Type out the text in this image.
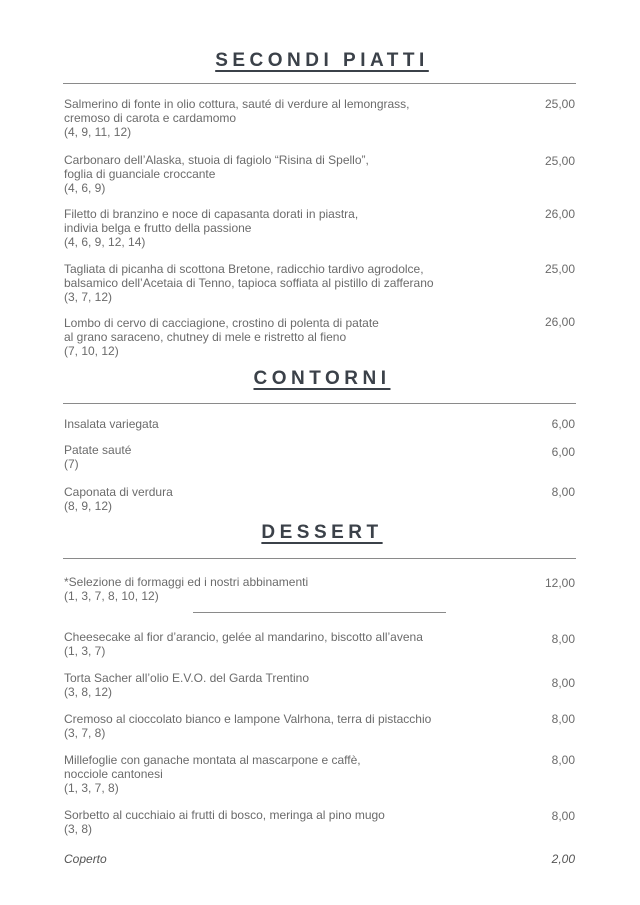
SECONDI PIATTI
CONTORNI
DESSERT
Salmerino di fonte in olio cottura, sauté di verdure al lemongrass,
cremoso di carota e cardamomo
(4, 9, 11, 12)
25,00
Carbonaro dell’Alaska, stuoia di fagiolo “Risina di Spello”,
foglia di guanciale croccante
(4, 6, 9)
25,00
Filetto di branzino e noce di capasanta dorati in piastra,
indivia belga e frutto della passione
(4, 6, 9, 12, 14)
26,00
Tagliata di picanha di scottona Bretone, radicchio tardivo agrodolce,
balsamico dell’Acetaia di Tenno, tapioca soffiata al pistillo di zafferano
(3, 7, 12)
25,00
Lombo di cervo di cacciagione, crostino di polenta di patate
al grano saraceno, chutney di mele e ristretto al fieno
(7, 10, 12)
26,00
Insalata variegata	6,00
Patate sauté
(7)
6,00
Caponata di verdura
(8, 9, 12)
8,00
*Selezione di formaggi ed i nostri abbinamenti
(1, 3, 7, 8, 10, 12)
12,00
Cheesecake al fior d’arancio, gelée al mandarino, biscotto all’avena
(1, 3, 7)
8,00
Torta Sacher all’olio E.V.O. del Garda Trentino
(3, 8, 12)
8,00
Cremoso al cioccolato bianco e lampone Valrhona, terra di pistacchio
(3, 7, 8)
8,00
Millefoglie con ganache montata al mascarpone e caffè,
nocciole cantonesi
(1, 3, 7, 8)
8,00
Sorbetto al cucchiaio ai frutti di bosco, meringa al pino mugo
(3, 8)
8,00
Coperto	2,00
